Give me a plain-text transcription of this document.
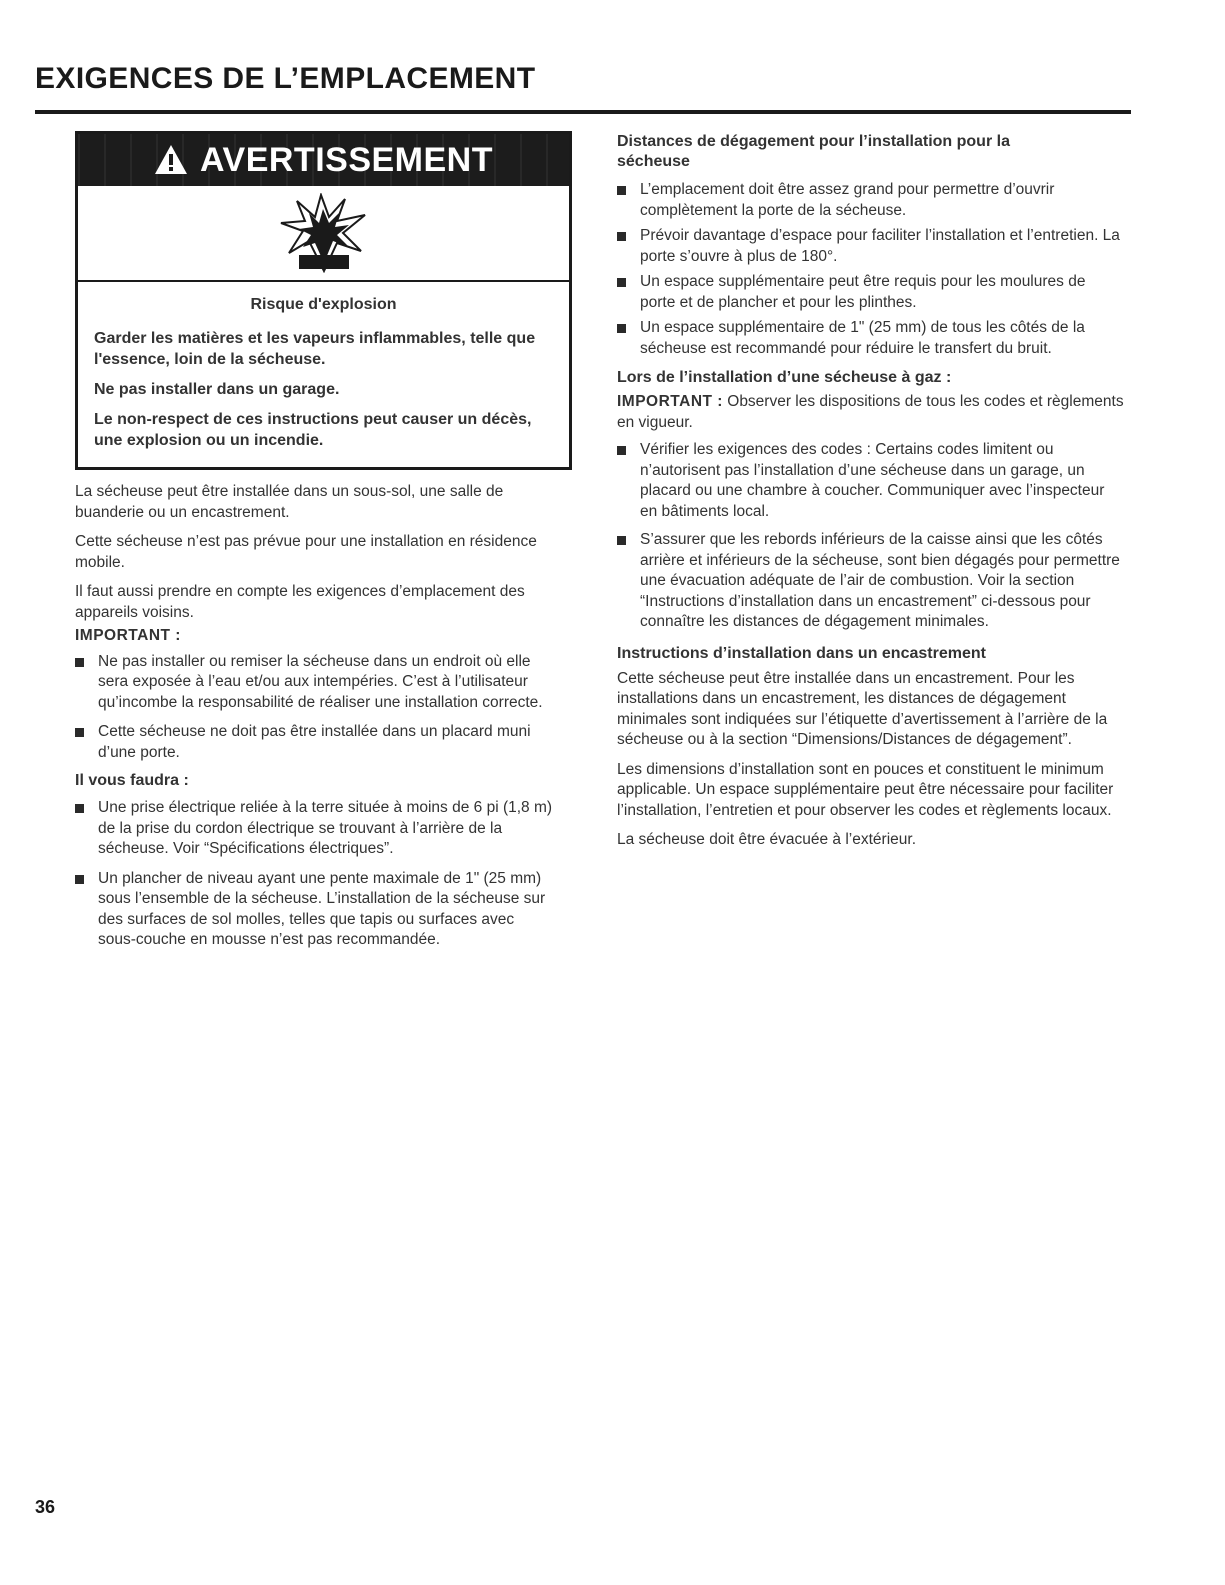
EXIGENCES DE L’EMPLACEMENT
AVERTISSEMENT
Risque d'explosion
Garder les matières et les vapeurs inflammables, telle que l'essence, loin de la sécheuse.
Ne pas installer dans un garage.
Le non-respect de ces instructions peut causer un décès, une explosion ou un incendie.

La sécheuse peut être installée dans un sous-sol, une salle de buanderie ou un encastrement.

Cette sécheuse n’est pas prévue pour une installation en résidence mobile.

Il faut aussi prendre en compte les exigences d’emplacement des appareils voisins.

IMPORTANT :

Ne pas installer ou remiser la sécheuse dans un endroit où elle sera exposée à l’eau et/ou aux intempéries. C’est à l’utilisateur qu’incombe la responsabilité de réaliser une installation correcte.
Cette sécheuse ne doit pas être installée dans un placard muni d’une porte.

Il vous faudra :

Une prise électrique reliée à la terre située à moins de 6 pi (1,8 m) de la prise du cordon électrique se trouvant à l’arrière de la sécheuse. Voir “Spécifications électriques”.
Un plancher de niveau ayant une pente maximale de 1" (25 mm) sous l’ensemble de la sécheuse. L’installation de la sécheuse sur des surfaces de sol molles, telles que tapis ou surfaces avec sous-couche en mousse n’est pas recommandée.

Distances de dégagement pour l’installation pour la sécheuse

L’emplacement doit être assez grand pour permettre d’ouvrir complètement la porte de la sécheuse.
Prévoir davantage d’espace pour faciliter l’installation et l’entretien. La porte s’ouvre à plus de 180°.
Un espace supplémentaire peut être requis pour les moulures de porte et de plancher et pour les plinthes.
Un espace supplémentaire de 1" (25 mm) de tous les côtés de la sécheuse est recommandé pour réduire le transfert du bruit.

Lors de l’installation d’une sécheuse à gaz :

IMPORTANT : Observer les dispositions de tous les codes et règlements en vigueur.

Vérifier les exigences des codes : Certains codes limitent ou n’autorisent pas l’installation d’une sécheuse dans un garage, un placard ou une chambre à coucher. Communiquer avec l’inspecteur en bâtiments local.
S’assurer que les rebords inférieurs de la caisse ainsi que les côtés arrière et inférieurs de la sécheuse, sont bien dégagés pour permettre une évacuation adéquate de l’air de combustion. Voir la section “Instructions d’installation dans un encastrement” ci-dessous pour connaître les distances de dégagement minimales.

Instructions d’installation dans un encastrement

Cette sécheuse peut être installée dans un encastrement. Pour les installations dans un encastrement, les distances de dégagement minimales sont indiquées sur l’étiquette d’avertissement à l’arrière de la sécheuse ou à la section “Dimensions/Distances de dégagement”.

Les dimensions d’installation sont en pouces et constituent le minimum applicable. Un espace supplémentaire peut être nécessaire pour faciliter l’installation, l’entretien et pour observer les codes et règlements locaux.

La sécheuse doit être évacuée à l’extérieur.

36
